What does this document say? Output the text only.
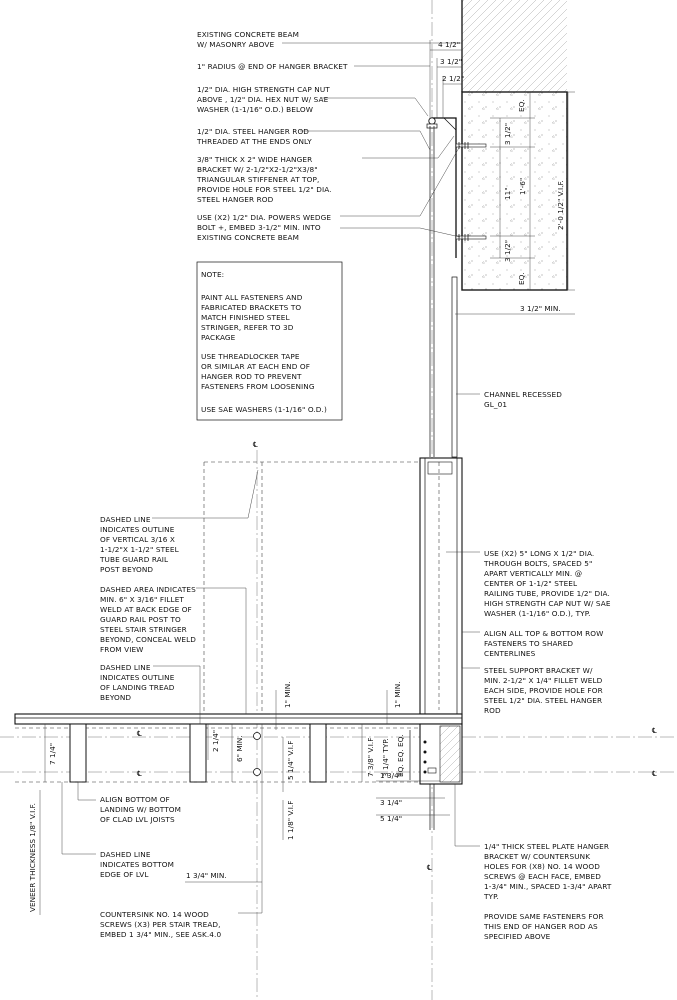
℄
℄
℄
℄
℄
℄
4 1/2"
3 1/2"
2 1/2"
EQ.
3 1/2"
11" 1'-6"
3 1/2"
EQ.
2'-0 1/2" V.I.F.
3 1/2" MIN.
EXISTING CONCRETE BEAM
W/ MASONRY ABOVE
1" RADIUS @ END OF HANGER BRACKET
1/2" DIA. HIGH STRENGTH CAP NUT
ABOVE , 1/2" DIA. HEX NUT W/ SAE
WASHER (1-1/16" O.D.) BELOW
1/2" DIA. STEEL HANGER ROD
THREADED AT THE ENDS ONLY
3/8" THICK X 2" WIDE HANGER
BRACKET W/ 2-1/2"X2-1/2"X3/8"
TRIANGULAR STIFFENER AT TOP,
PROVIDE HOLE FOR STEEL 1/2" DIA.
STEEL HANGER ROD
USE (X2) 1/2" DIA. POWERS WEDGE
BOLT +, EMBED 3-1/2" MIN. INTO
EXISTING CONCRETE BEAM
NOTE:
PAINT ALL FASTENERS AND
FABRICATED BRACKETS TO
MATCH FINISHED STEEL
STRINGER, REFER TO 3D
PACKAGE
USE THREADLOCKER TAPE
OR SIMILAR AT EACH END OF
HANGER ROD TO PREVENT
FASTENERS FROM LOOSENING
USE SAE WASHERS (1-1/16" O.D.)
CHANNEL RECESSED
GL_01
1" MIN.	1" MIN.
7 1/4"
2 1/4" 6" MIN.	5 1/4" V.I.F	7 3/8" V.I.F 3 1/4" TYP. EQ. EQ. EQ.
1 3/4"
3 1/4"
5 1/4"
1 1/8" V.I.F
1 3/4" MIN.
VENEER THICKNESS 1/8" V.I.F.
DASHED LINE
INDICATES OUTLINE
OF VERTICAL 3/16 X
1-1/2"X 1-1/2" STEEL
TUBE GUARD RAIL
POST BEYOND
DASHED AREA INDICATES
MIN. 6" X 3/16" FILLET
WELD AT BACK EDGE OF
GUARD RAIL POST TO
STEEL STAIR STRINGER
BEYOND, CONCEAL WELD
FROM VIEW
DASHED LINE
INDICATES OUTLINE
OF LANDING TREAD
BEYOND
ALIGN BOTTOM OF
LANDING W/ BOTTOM
OF CLAD LVL JOISTS
DASHED LINE
INDICATES BOTTOM
EDGE OF LVL
COUNTERSINK NO. 14 WOOD
SCREWS (X3) PER STAIR TREAD,
EMBED 1 3/4" MIN., SEE ASK.4.0
USE (X2) 5" LONG X 1/2" DIA.
THROUGH BOLTS, SPACED 5"
APART VERTICALLY MIN. @
CENTER OF 1-1/2" STEEL
RAILING TUBE, PROVIDE 1/2" DIA.
HIGH STRENGTH CAP NUT W/ SAE
WASHER (1-1/16" O.D.), TYP.
ALIGN ALL TOP & BOTTOM ROW
FASTENERS TO SHARED
CENTERLINES
STEEL SUPPORT BRACKET W/
MIN. 2-1/2" X 1/4" FILLET WELD
EACH SIDE, PROVIDE HOLE FOR
STEEL 1/2" DIA. STEEL HANGER
ROD
1/4" THICK STEEL PLATE HANGER
BRACKET W/ COUNTERSUNK
HOLES FOR (X8) NO. 14 WOOD
SCREWS @ EACH FACE, EMBED
1-3/4" MIN., SPACED 1-3/4" APART
TYP.
PROVIDE SAME FASTENERS FOR
THIS END OF HANGER ROD AS
SPECIFIED ABOVE
